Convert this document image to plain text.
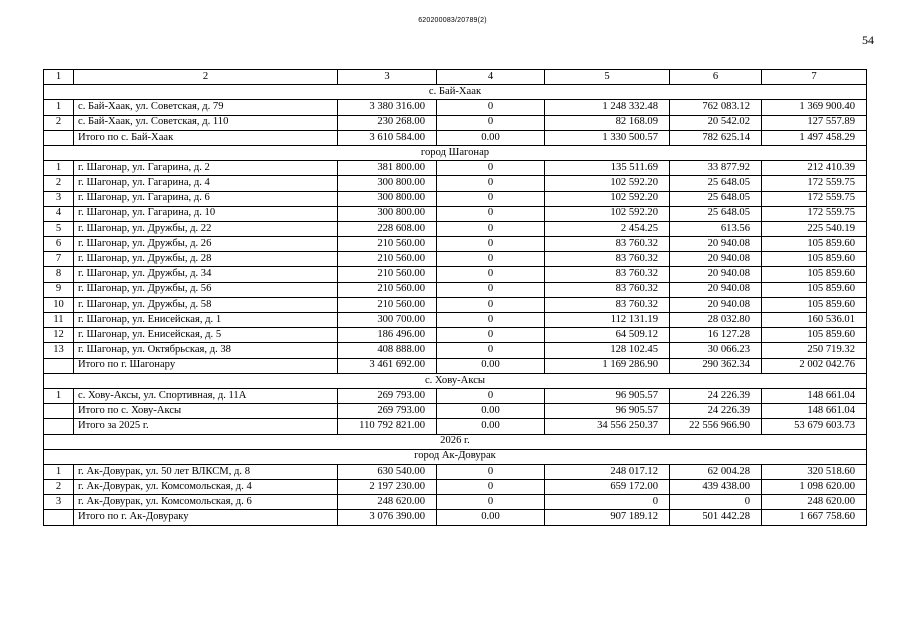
620200083/20789(2)
54
1	2	3	4	5	6	7
с. Бай-Хаак						
1	с. Бай-Хаак, ул. Советская, д. 79	3 380 316.00	0	1 248 332.48	762 083.12	1 369 900.40
2	с. Бай-Хаак, ул. Советская, д. 110	230 268.00	0	82 168.09	20 542.02	127 557.89
	Итого по с. Бай-Хаак	3 610 584.00	0.00	1 330 500.57	782 625.14	1 497 458.29
город Шагонар						
1	г. Шагонар, ул. Гагарина, д. 2	381 800.00	0	135 511.69	33 877.92	212 410.39
2	г. Шагонар, ул. Гагарина, д. 4	300 800.00	0	102 592.20	25 648.05	172 559.75
3	г. Шагонар, ул. Гагарина, д. 6	300 800.00	0	102 592.20	25 648.05	172 559.75
4	г. Шагонар, ул. Гагарина, д. 10	300 800.00	0	102 592.20	25 648.05	172 559.75
5	г. Шагонар, ул. Дружбы, д. 22	228 608.00	0	2 454.25	613.56	225 540.19
6	г. Шагонар, ул. Дружбы, д. 26	210 560.00	0	83 760.32	20 940.08	105 859.60
7	г. Шагонар, ул. Дружбы, д. 28	210 560.00	0	83 760.32	20 940.08	105 859.60
8	г. Шагонар, ул. Дружбы, д. 34	210 560.00	0	83 760.32	20 940.08	105 859.60
9	г. Шагонар, ул. Дружбы, д. 56	210 560.00	0	83 760.32	20 940.08	105 859.60
10	г. Шагонар, ул. Дружбы, д. 58	210 560.00	0	83 760.32	20 940.08	105 859.60
11	г. Шагонар, ул. Енисейская, д. 1	300 700.00	0	112 131.19	28 032.80	160 536.01
12	г. Шагонар, ул. Енисейская, д. 5	186 496.00	0	64 509.12	16 127.28	105 859.60
13	г. Шагонар, ул. Октябрьская, д. 38	408 888.00	0	128 102.45	30 066.23	250 719.32
	Итого по г. Шагонару	3 461 692.00	0.00	1 169 286.90	290 362.34	2 002 042.76
с. Хову-Аксы						
1	с. Хову-Аксы, ул. Спортивная, д. 11А	269 793.00	0	96 905.57	24 226.39	148 661.04
	Итого по с. Хову-Аксы	269 793.00	0.00	96 905.57	24 226.39	148 661.04
	Итого за 2025 г.	110 792 821.00	0.00	34 556 250.37	22 556 966.90	53 679 603.73
2026 г.						
город Ак-Довурак						
1	г. Ак-Довурак, ул. 50 лет ВЛКСМ, д. 8	630 540.00	0	248 017.12	62 004.28	320 518.60
2	г. Ак-Довурак, ул. Комсомольская, д. 4	2 197 230.00	0	659 172.00	439 438.00	1 098 620.00
3	г. Ак-Довурак, ул. Комсомольская, д. 6	248 620.00	0	0	0	248 620.00
	Итого по г. Ак-Довураку	3 076 390.00	0.00	907 189.12	501 442.28	1 667 758.60
